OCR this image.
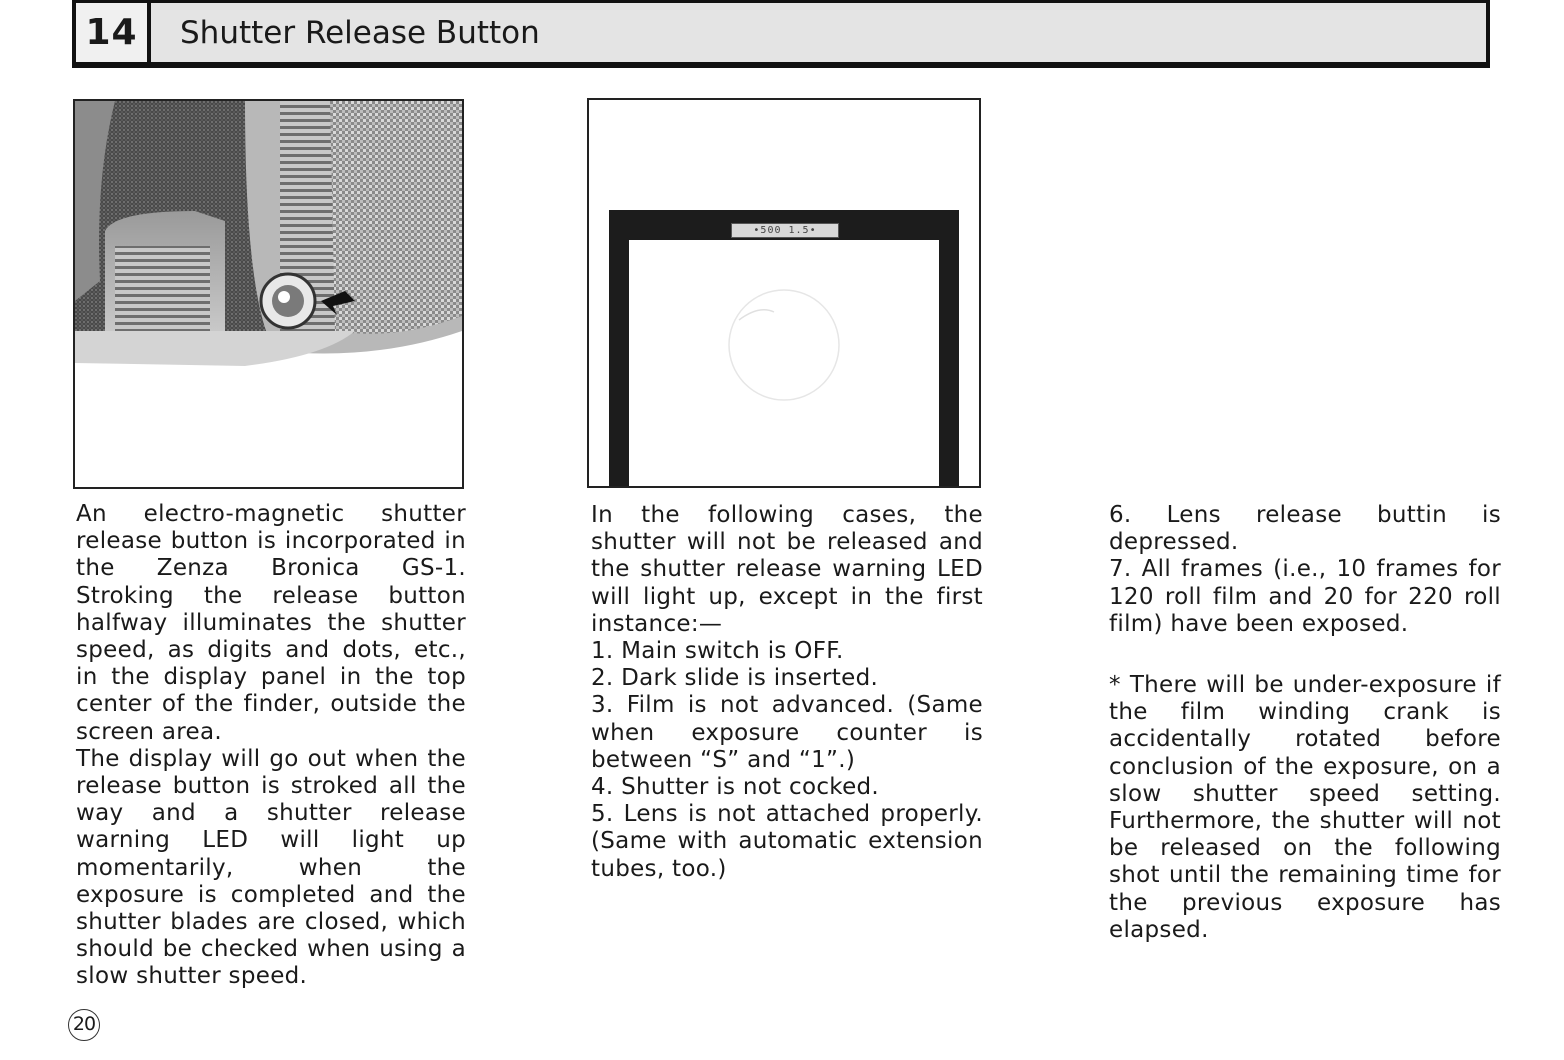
14	Shutter Release Button
•500 1.5•

An electro-magnetic shutter release button is incorporated in the Zenza Bronica GS-1. Stroking the release button halfway illuminates the shutter speed, as digits and dots, etc., in the display panel in the top center of the finder, outside the screen area.

The display will go out when the release button is stroked all the way and a shutter release warning LED will light up momentarily, when the exposure is completed and the shutter blades are closed, which should be checked when using a slow shutter speed.

In the following cases, the shutter will not be released and the shutter release warning LED will light up, except in the first instance:—

1. Main switch is OFF.

2. Dark slide is inserted.

3. Film is not advanced. (Same when exposure counter is between “S” and “1”.)

4. Shutter is not cocked.

5. Lens is not attached properly. (Same with automatic extension tubes, too.)

6. Lens release buttin is depressed.

7. All frames (i.e., 10 frames for 120 roll film and 20 for 220 roll film) have been exposed.

* There will be under-exposure if the film winding crank is accidentally rotated before conclusion of the exposure, on a slow shutter speed setting. Furthermore, the shutter will not be released on the following shot until the remaining time for the previous exposure has elapsed.

20
